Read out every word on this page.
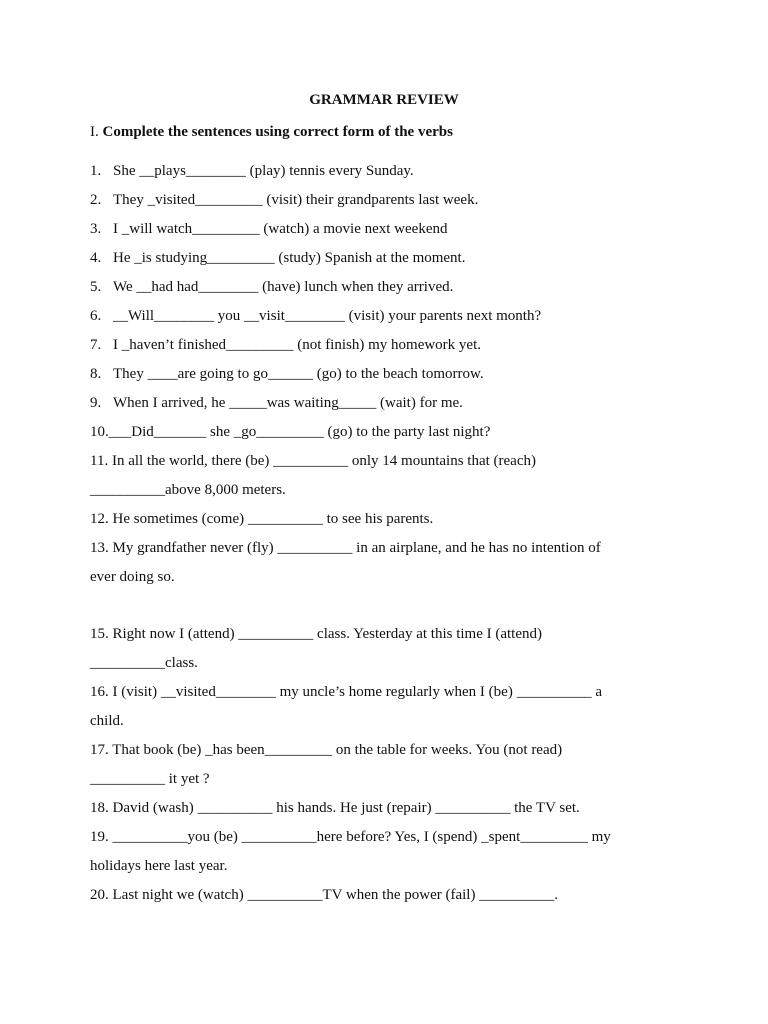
GRAMMAR REVIEW
I. Complete the sentences using correct form of the verbs
1. She __plays________ (play) tennis every Sunday.
2. They _visited_________ (visit) their grandparents last week.
3. I _will watch_________ (watch) a movie next weekend
4. He _is studying_________ (study) Spanish at the moment.
5. We __had had________ (have) lunch when they arrived.
6. __Will________ you __visit________ (visit) your parents next month?
7. I _haven’t finished_________ (not finish) my homework yet.
8. They ____are going to go______ (go) to the beach tomorrow.
9. When I arrived, he _____was waiting_____ (wait) for me.
10.___Did_______ she _go_________ (go) to the party last night?
11. In all the world, there (be) __________ only 14 mountains that (reach)
__________above 8,000 meters.
12. He sometimes (come) __________ to see his parents.
13. My grandfather never (fly) __________ in an airplane, and he has no intention of
ever doing so.
15. Right now I (attend) __________ class. Yesterday at this time I (attend)
__________class.
16. I (visit) __visited________ my uncle’s home regularly when I (be) __________ a
child.
17. That book (be) _has been_________ on the table for weeks. You (not read)
__________ it yet ?
18. David (wash) __________ his hands. He just (repair) __________ the TV set.
19. __________you (be) __________here before? Yes, I (spend) _spent_________ my
holidays here last year.
20. Last night we (watch) __________TV when the power (fail) __________.
